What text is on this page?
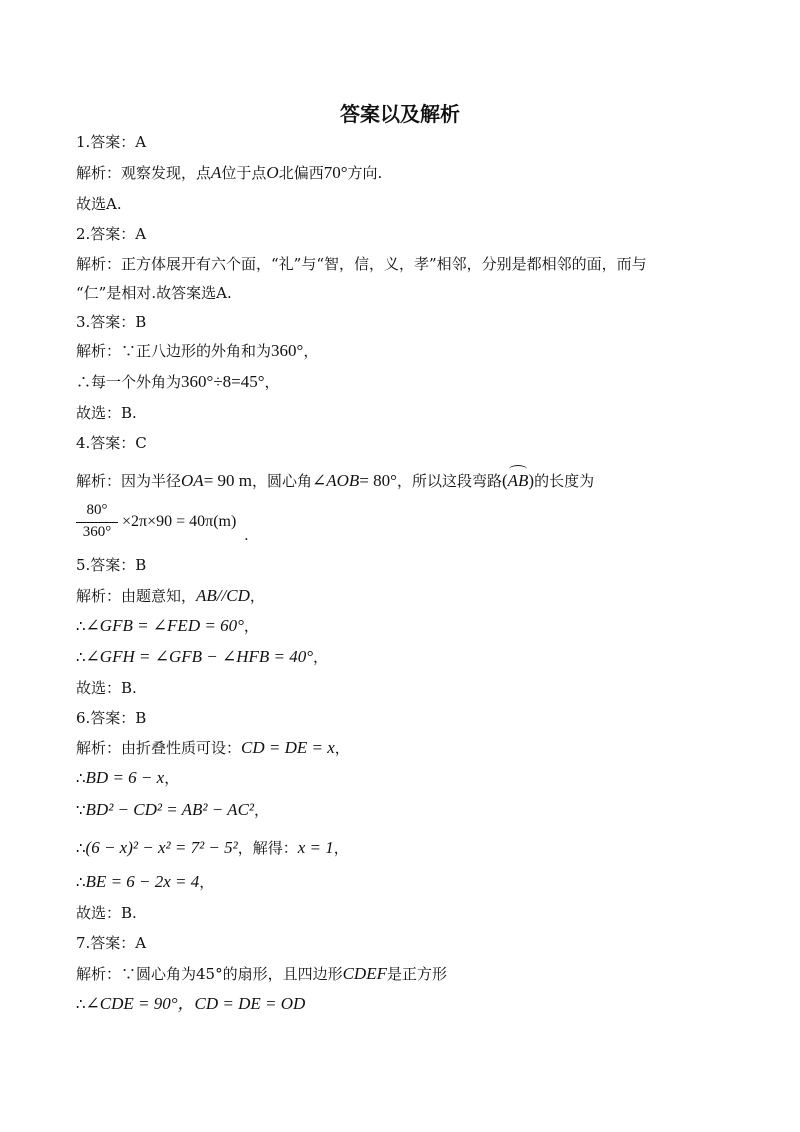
答案以及解析
1.答案：A
解析：观察发现，点A位于点O北偏西70°方向.
故选A.
2.答案：A
解析：正方体展开有六个面，“礼”与“智，信，义，孝”相邻，分别是都相邻的面，而与
“仁”是相对.故答案选A.
3.答案：B
解析：∵正八边形的外角和为360°，
∴每一个外角为360°÷8=45°，
故选：B.
4.答案：C
解析：因为半径OA= 90 m，圆心角∠AOB= 80°，所以这段弯路(
AB)的长度为
80°
360°
×2π×90 = 40π(m).
5.答案：B
解析：由题意知，AB//CD，
∴∠GFB = ∠FED = 60°，
∴∠GFH = ∠GFB − ∠HFB = 40°，
故选：B.
6.答案：B
解析：由折叠性质可设：CD = DE = x，
∴BD = 6 − x，
∵BD² − CD² = AB² − AC²，
∴(6 − x)² − x² = 7² − 5²，解得：x = 1，
∴BE = 6 − 2x = 4，
故选：B.
7.答案：A
解析：∵圆心角为45°的扇形，且四边形CDEF是正方形
∴∠CDE = 90°，CD = DE = OD
